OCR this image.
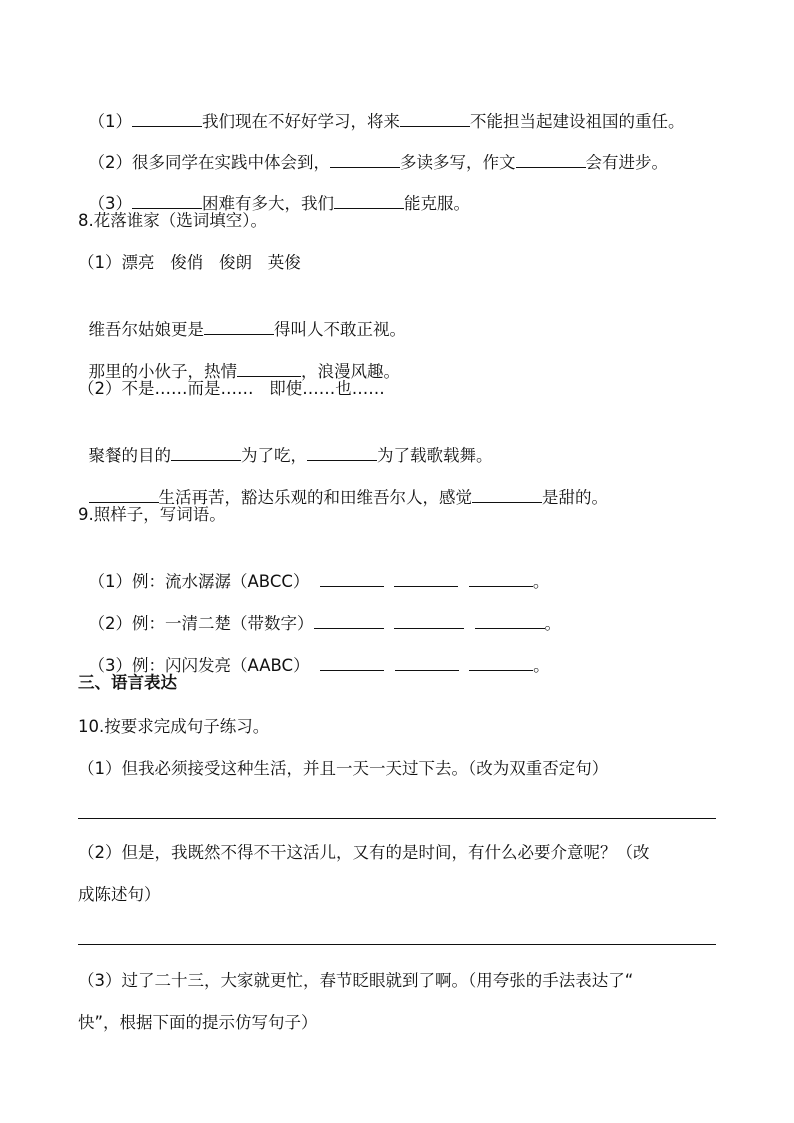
（1）	我们现在不好好学习，将来	不能担当起建设祖国的重任。

（2）很多同学在实践中体会到，	多读多写，作文	会有进步。

（3）	困难有多大，我们	能克服。

8.花落谁家（选词填空）。
（1）漂亮   俊俏   俊朗   英俊

维吾尔姑娘更是	得叫人不敢正视。

那里的小伙子，热情	，浪漫风趣。

（2）不是……而是……   即使……也……

聚餐的目的	为了吃，	为了载歌载舞。

生活再苦，豁达乐观的和田维吾尔人，感觉	是甜的。

9.照样子，写词语。

（1）例：流水潺潺（ABCC）	。

（2）例：一清二楚（带数字）	。

（3）例：闪闪发亮（AABC）	。

三、语言表达
10.按要求完成句子练习。
（1）但我必须接受这种生活，并且一天一天过下去。（改为双重否定句）
（2）但是，我既然不得不干这活儿，又有的是时间，有什么必要介意呢？（改
成陈述句）
（3）过了二十三，大家就更忙，春节眨眼就到了啊。（用夸张的手法表达了“
快”，根据下面的提示仿写句子）
